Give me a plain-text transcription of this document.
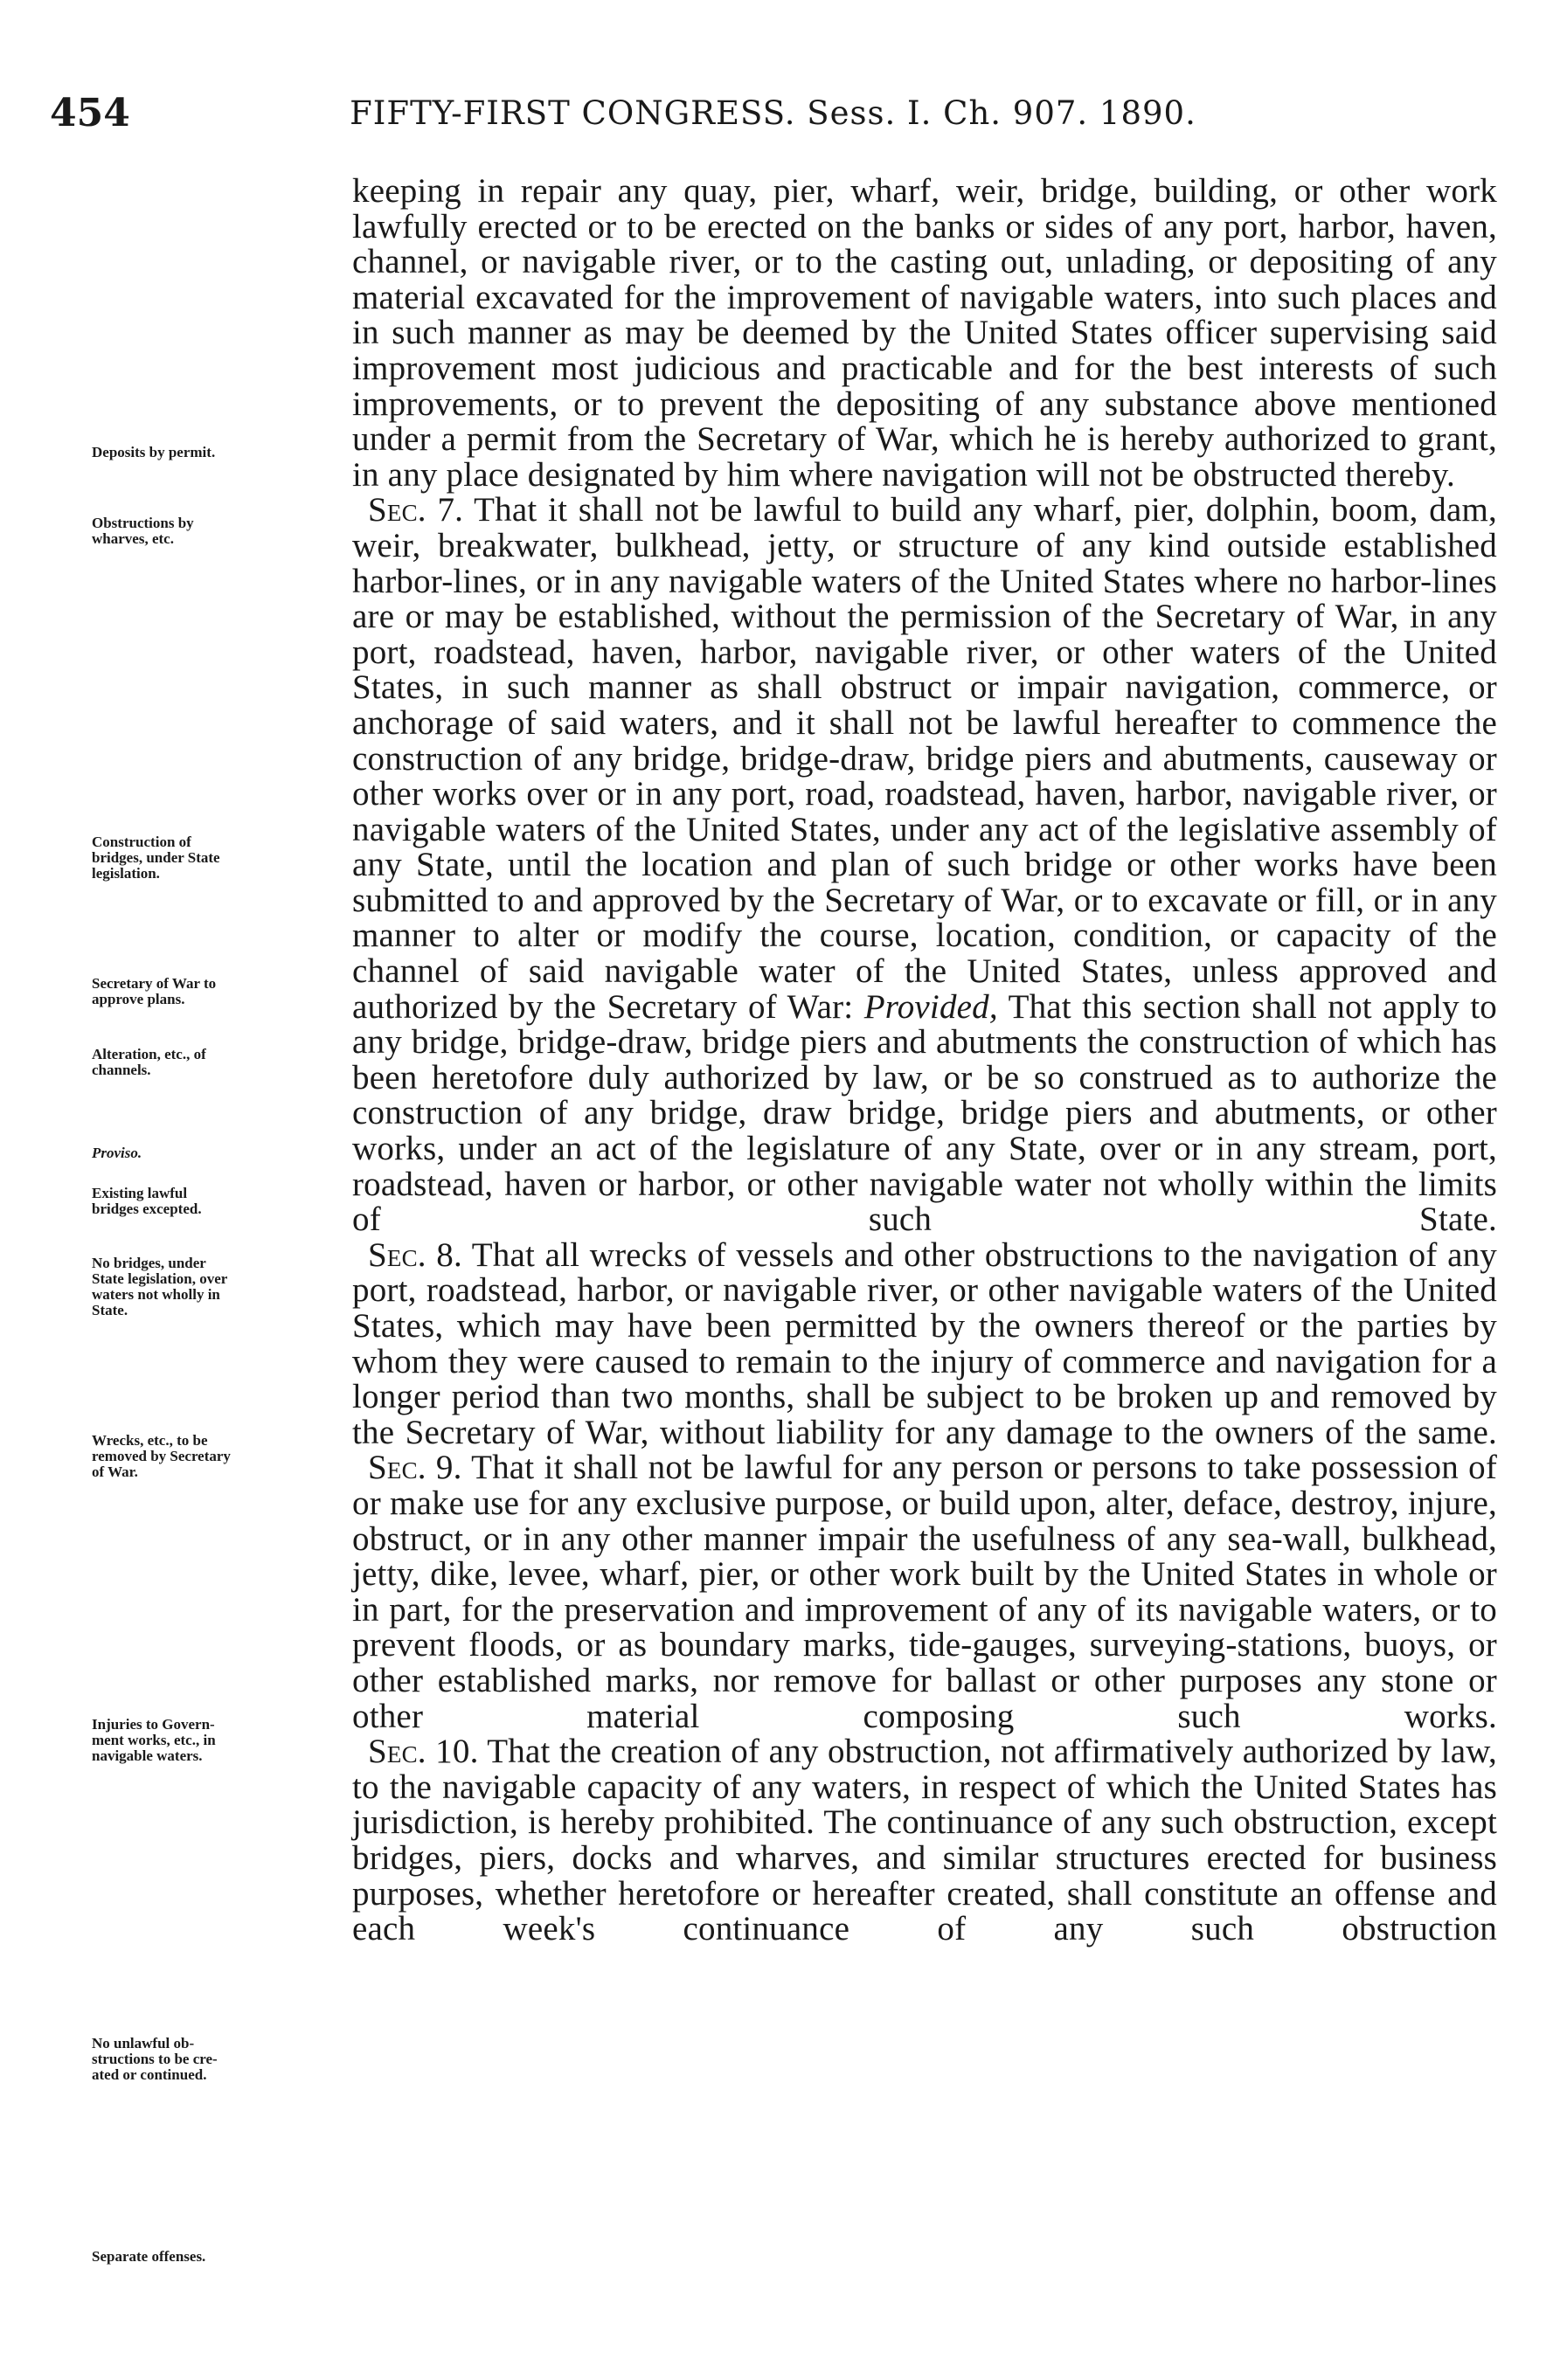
454	FIFTY-FIRST CONGRESS. Sess. I. Ch. 907. 1890.
Deposits by permit.
Obstructions by
wharves, etc.
Construction of
bridges, under State
legislation.
Secretary of War to
approve plans.
Alteration, etc., of
channels.
Proviso.
Existing lawful
bridges excepted.
No bridges, under
State legislation, over
waters not wholly in
State.
Wrecks, etc., to be
removed by Secretary
of War.
Injuries to Govern-
ment works, etc., in
navigable waters.
No unlawful ob-
structions to be cre-
ated or continued.
Separate offenses.

keeping in repair any quay, pier, wharf, weir, bridge, building, or other work lawfully erected or to be erected on the banks or sides of any port, harbor, haven, channel, or navigable river, or to the casting out, unlading, or depositing of any material excavated for the improvement of navigable waters, into such places and in such manner as may be deemed by the United States officer supervising said improvement most judicious and practicable and for the best interests of such improvements, or to prevent the depositing of any substance above mentioned under a permit from the Secretary of War, which he is hereby authorized to grant, in any place designated by him where navigation will not be obstructed thereby.

Sec. 7. That it shall not be lawful to build any wharf, pier, dolphin, boom, dam, weir, breakwater, bulkhead, jetty, or structure of any kind outside established harbor-lines, or in any navigable waters of the United States where no harbor-lines are or may be established, without the permission of the Secretary of War, in any port, roadstead, haven, harbor, navigable river, or other waters of the United States, in such manner as shall obstruct or impair navigation, commerce, or anchorage of said waters, and it shall not be lawful hereafter to commence the construction of any bridge, bridge-draw, bridge piers and abutments, causeway or other works over or in any port, road, roadstead, haven, harbor, navigable river, or navigable waters of the United States, under any act of the legislative assembly of any State, until the location and plan of such bridge or other works have been submitted to and approved by the Secretary of War, or to excavate or fill, or in any manner to alter or modify the course, location, condition, or capacity of the channel of said navigable water of the United States, unless approved and authorized by the Secretary of War: Provided, That this section shall not apply to any bridge, bridge-draw, bridge piers and abutments the construction of which has been heretofore duly authorized by law, or be so construed as to authorize the construction of any bridge, draw bridge, bridge piers and abutments, or other works, under an act of the legislature of any State, over or in any stream, port, roadstead, haven or harbor, or other navigable water not wholly within the limits of such State.

Sec. 8. That all wrecks of vessels and other obstructions to the navigation of any port, roadstead, harbor, or navigable river, or other navigable waters of the United States, which may have been permitted by the owners thereof or the parties by whom they were caused to remain to the injury of commerce and navigation for a longer period than two months, shall be subject to be broken up and removed by the Secretary of War, without liability for any damage to the owners of the same.

Sec. 9. That it shall not be lawful for any person or persons to take possession of or make use for any exclusive purpose, or build upon, alter, deface, destroy, injure, obstruct, or in any other manner impair the usefulness of any sea-wall, bulkhead, jetty, dike, levee, wharf, pier, or other work built by the United States in whole or in part, for the preservation and improvement of any of its navigable waters, or to prevent floods, or as boundary marks, tide-gauges, surveying-stations, buoys, or other established marks, nor remove for ballast or other purposes any stone or other material composing such works.

Sec. 10. That the creation of any obstruction, not affirmatively authorized by law, to the navigable capacity of any waters, in respect of which the United States has jurisdiction, is hereby prohibited. The continuance of any such obstruction, except bridges, piers, docks and wharves, and similar structures erected for business purposes, whether heretofore or hereafter created, shall constitute an offense and each week's continuance of any such obstruction
